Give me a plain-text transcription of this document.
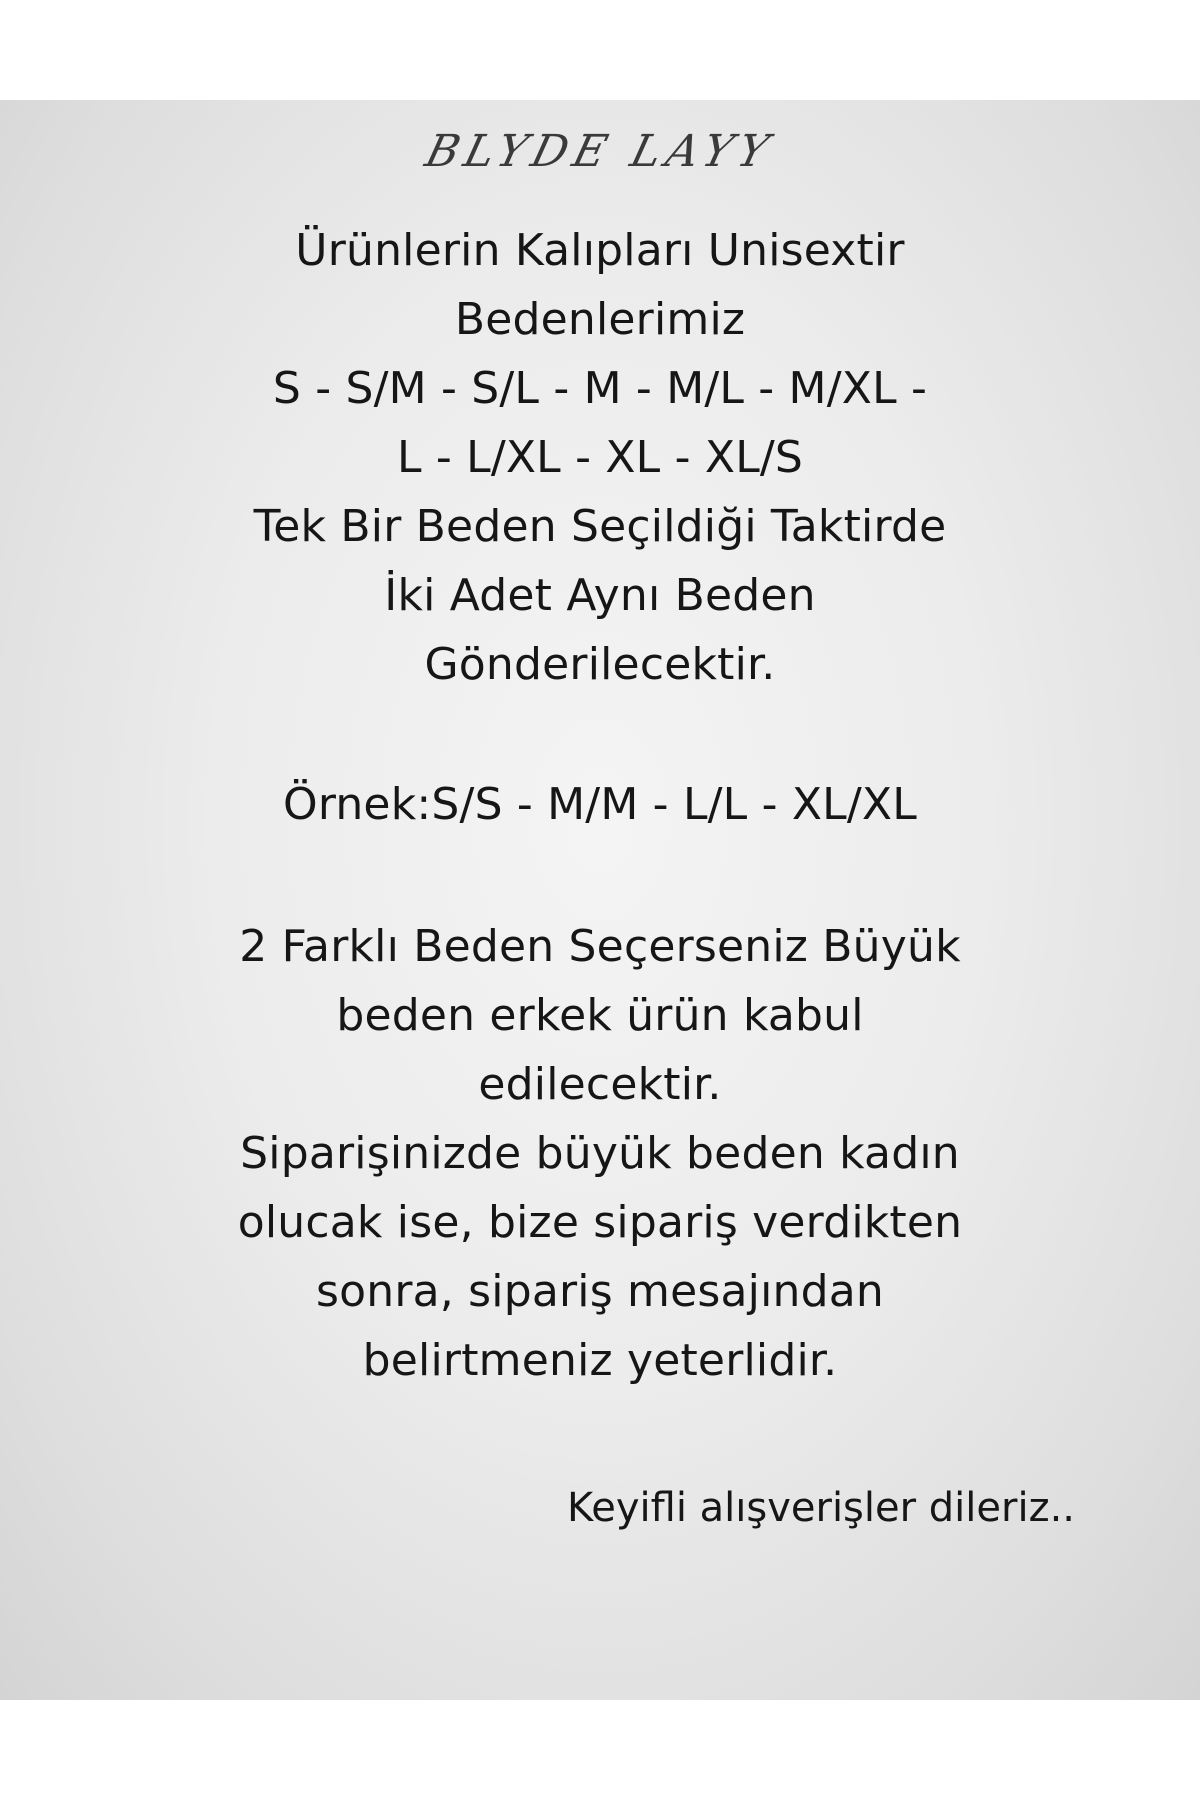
BLYDE LAYY
Ürünlerin Kalıpları Unisextir
Bedenlerimiz
S - S/M - S/L - M - M/L - M/XL -
L - L/XL - XL - XL/S
Tek Bir Beden Seçildiği Taktirde
İki Adet Aynı Beden
Gönderilecektir.
Örnek:S/S - M/M - L/L - XL/XL
2 Farklı Beden Seçerseniz Büyük
beden erkek ürün kabul
edilecektir.
Siparişinizde büyük beden kadın
olucak ise, bize sipariş verdikten
sonra, sipariş mesajından
belirtmeniz yeterlidir.
Keyifli alışverişler dileriz..
